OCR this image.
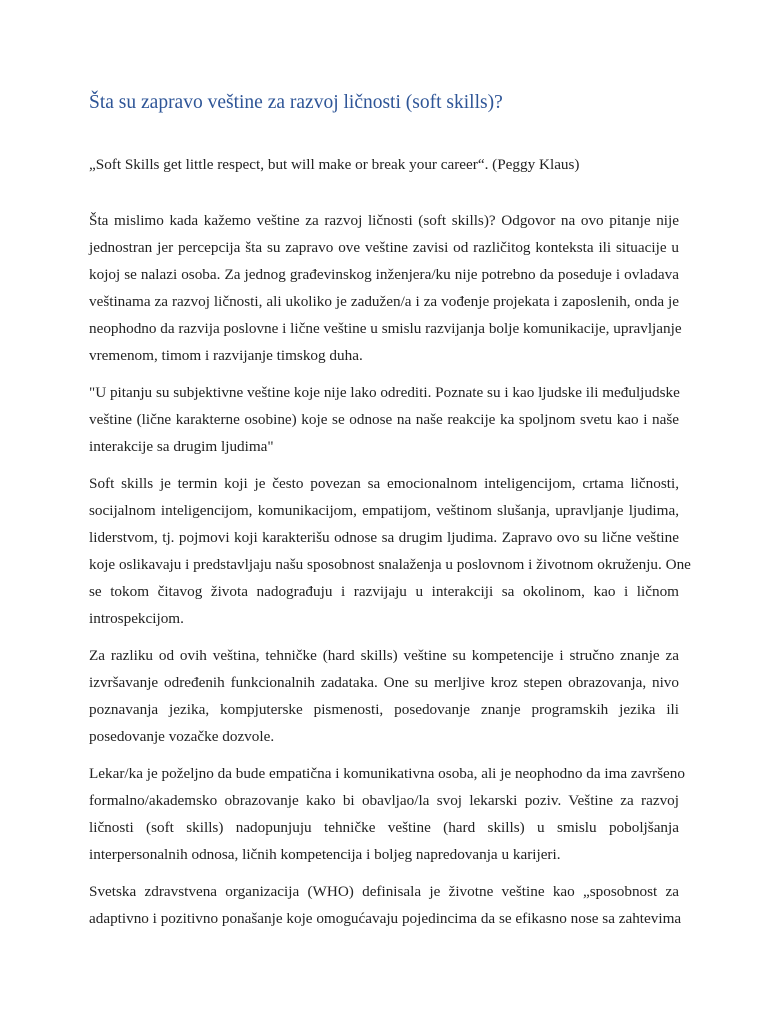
Šta su zapravo veštine za razvoj ličnosti (soft skills)?

„Soft Skills get little respect, but will make or break your career“. (Peggy Klaus)

Šta mislimo kada kažemo veštine za razvoj ličnosti (soft skills)? Odgovor na ovo pitanje nije
jednostran jer percepcija šta su zapravo ove veštine zavisi od različitog konteksta ili situacije u
kojoj se nalazi osoba. Za jednog građevinskog inženjera/ku nije potrebno da poseduje i ovladava
veštinama za razvoj ličnosti, ali ukoliko je zadužen/a i za vođenje projekata i zaposlenih, onda je
neophodno da razvija poslovne i lične veštine u smislu razvijanja bolje komunikacije, upravljanje
vremenom, timom i razvijanje timskog duha.

"U pitanju su subjektivne veštine koje nije lako odrediti. Poznate su i kao ljudske ili međuljudske
veštine (lične karakterne osobine) koje se odnose na naše reakcije ka spoljnom svetu kao i naše
interakcije sa drugim ljudima"

Soft skills je termin koji je često povezan sa emocionalnom inteligencijom, crtama ličnosti,
socijalnom inteligencijom, komunikacijom, empatijom, veštinom slušanja, upravljanje ljudima,
liderstvom, tj. pojmovi koji karakterišu odnose sa drugim ljudima. Zapravo ovo su lične veštine
koje oslikavaju i predstavljaju našu sposobnost snalaženja u poslovnom i životnom okruženju. One
se tokom čitavog života nadograđuju i razvijaju u interakciji sa okolinom, kao i ličnom
introspekcijom.

Za razliku od ovih veština, tehničke (hard skills) veštine su kompetencije i stručno znanje za
izvršavanje određenih funkcionalnih zadataka. One su merljive kroz stepen obrazovanja, nivo
poznavanja jezika, kompjuterske pismenosti, posedovanje znanje programskih jezika ili
posedovanje vozačke dozvole.

Lekar/ka je poželjno da bude empatična i komunikativna osoba, ali je neophodno da ima završeno
formalno/akademsko obrazovanje kako bi obavljao/la svoj lekarski poziv. Veštine za razvoj
ličnosti (soft skills) nadopunjuju tehničke veštine (hard skills) u smislu poboljšanja
interpersonalnih odnosa, ličnih kompetencija i boljeg napredovanja u karijeri.

Svetska zdravstvena organizacija (WHO) definisala je životne veštine kao „sposobnost za
adaptivno i pozitivno ponašanje koje omogućavaju pojedincima da se efikasno nose sa zahtevima
